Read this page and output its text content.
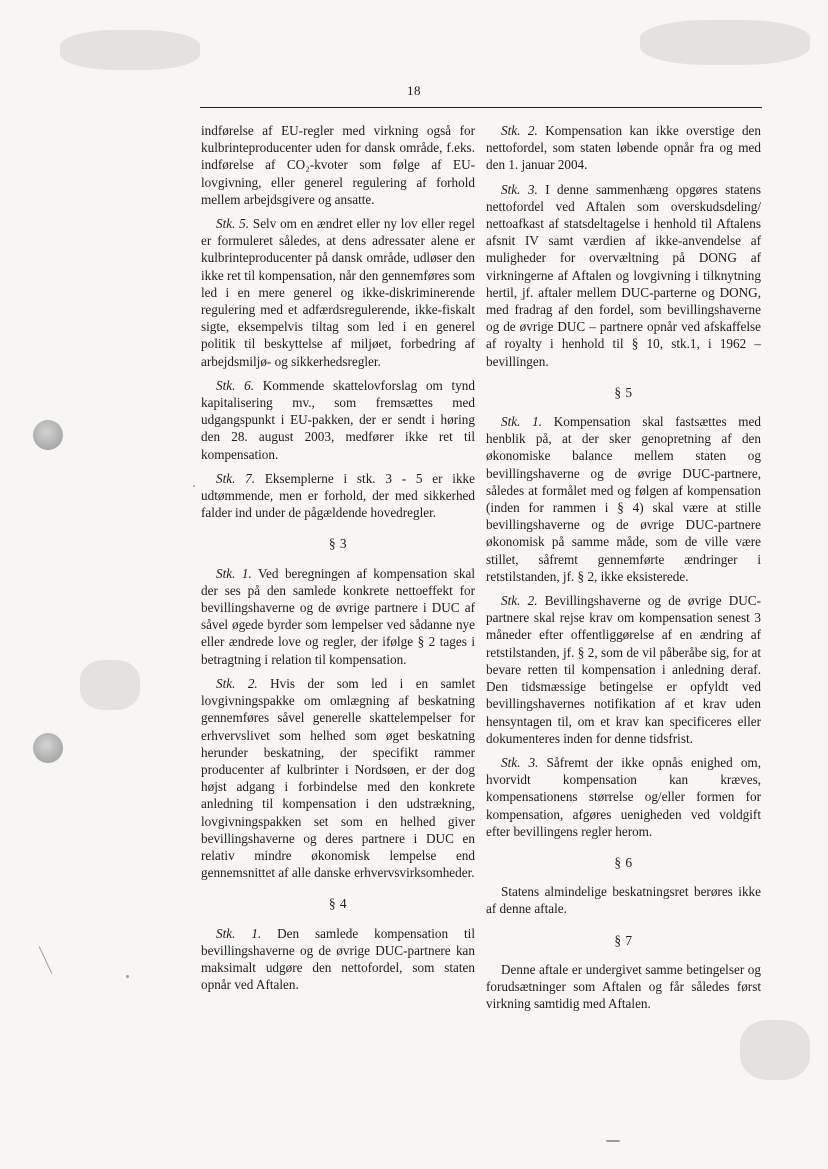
18

indførelse af EU-regler med virkning også for kulbrinteproducenter uden for dansk område, f.eks. indførelse af CO₂-kvoter som følge af EU-lovgivning, eller generel regulering af forhold mellem arbejdsgivere og ansatte.

Stk. 5. Selv om en ændret eller ny lov eller regel er formuleret således, at dens adressater alene er kulbrinteproducenter på dansk område, udløser den ikke ret til kompensation, når den gennemføres som led i en mere generel og ikke-diskriminerende regulering med et adfærdsregulerende, ikke-fiskalt sigte, eksempelvis tiltag som led i en generel politik til beskyttelse af miljøet, forbedring af arbejdsmiljø- og sikkerhedsregler.

Stk. 6. Kommende skattelovforslag om tynd kapitalisering mv., som fremsættes med udgangspunkt i EU-pakken, der er sendt i høring den 28. august 2003, medfører ikke ret til kompensation.

Stk. 7. Eksemplerne i stk. 3 - 5 er ikke udtømmende, men er forhold, der med sikkerhed falder ind under de pågældende hovedregler.

§ 3

Stk. 1. Ved beregningen af kompensation skal der ses på den samlede konkrete nettoeffekt for bevillingshaverne og de øvrige partnere i DUC af såvel øgede byrder som lempelser ved sådanne nye eller ændrede love og regler, der ifølge § 2 tages i betragtning i relation til kompensation.

Stk. 2. Hvis der som led i en samlet lovgivningspakke om omlægning af beskatning gennemføres såvel generelle skattelempelser for erhvervslivet som helhed som øget beskatning herunder beskatning, der specifikt rammer producenter af kulbrinter i Nordsøen, er der dog højst adgang i forbindelse med den konkrete anledning til kompensation i den udstrækning, lovgivningspakken set som en helhed giver bevillingshaverne og deres partnere i DUC en relativ mindre økonomisk lempelse end gennemsnittet af alle danske erhvervsvirksomheder.

§ 4

Stk. 1. Den samlede kompensation til bevillingshaverne og de øvrige DUC-partnere kan maksimalt udgøre den nettofordel, som staten opnår ved Aftalen.

Stk. 2. Kompensation kan ikke overstige den nettofordel, som staten løbende opnår fra og med den 1. januar 2004.

Stk. 3. I denne sammenhæng opgøres statens nettofordel ved Aftalen som overskudsdeling/ nettoafkast af statsdeltagelse i henhold til Aftalens afsnit IV samt værdien af ikke-anvendelse af muligheder for overvæltning på DONG af virkningerne af Aftalen og lovgivning i tilknytning hertil, jf. aftaler mellem DUC-parterne og DONG, med fradrag af den fordel, som bevillingshaverne og de øvrige DUC – partnere opnår ved afskaffelse af royalty i henhold til § 10, stk.1, i 1962 – bevillingen.

§ 5

Stk. 1. Kompensation skal fastsættes med henblik på, at der sker genopretning af den økonomiske balance mellem staten og bevillingshaverne og de øvrige DUC-partnere, således at formålet med og følgen af kompensation (inden for rammen i § 4) skal være at stille bevillingshaverne og de øvrige DUC-partnere økonomisk på samme måde, som de ville være stillet, såfremt gennemførte ændringer i retstilstanden, jf. § 2, ikke eksisterede.

Stk. 2. Bevillingshaverne og de øvrige DUC-partnere skal rejse krav om kompensation senest 3 måneder efter offentliggørelse af en ændring af retstilstanden, jf. § 2, som de vil påberåbe sig, for at bevare retten til kompensation i anledning deraf. Den tidsmæssige betingelse er opfyldt ved bevillingshavernes notifikation af et krav uden hensyntagen til, om et krav kan specificeres eller dokumenteres inden for denne tidsfrist.

Stk. 3. Såfremt der ikke opnås enighed om, hvorvidt kompensation kan kræves, kompensationens størrelse og/eller formen for kompensation, afgøres uenigheden ved voldgift efter bevillingens regler herom.

§ 6

Statens almindelige beskatningsret berøres ikke af denne aftale.

§ 7

Denne aftale er undergivet samme betingelser og forudsætninger som Aftalen og får således først virkning samtidig med Aftalen.
